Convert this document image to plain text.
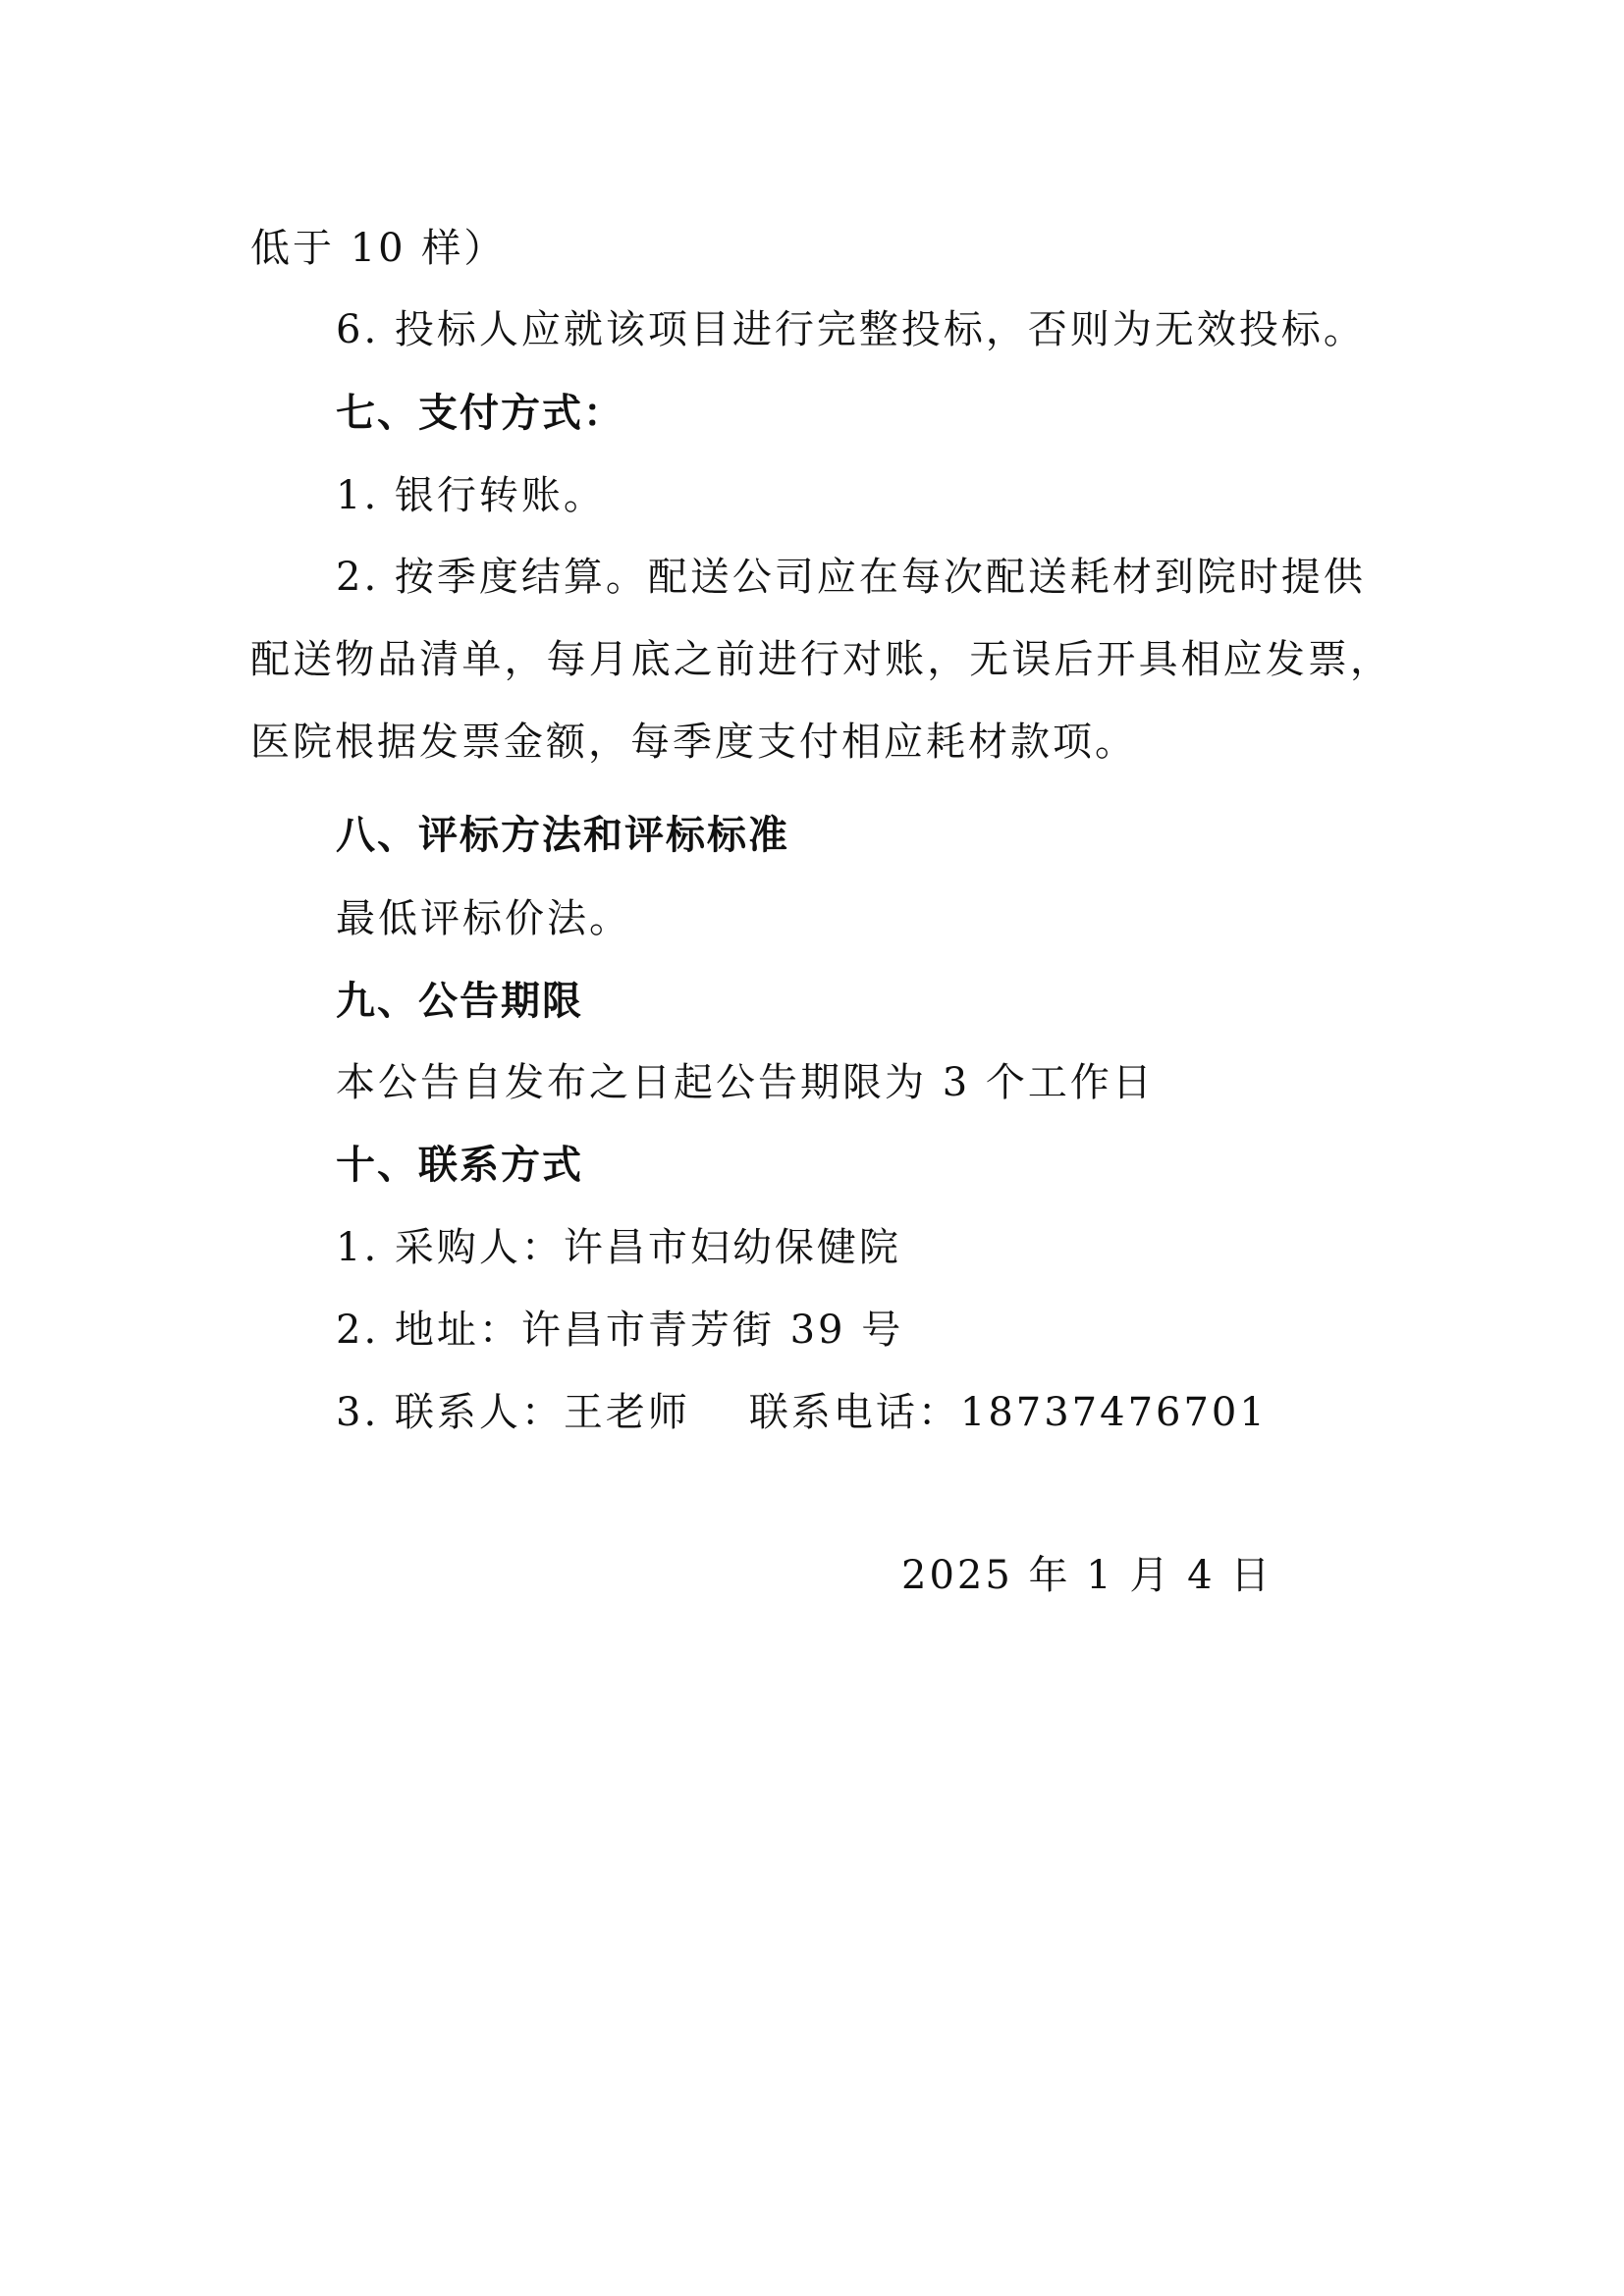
低于 10 样）
6. 投标人应就该项目进行完整投标，否则为无效投标。
七、支付方式：
1. 银行转账。
2. 按季度结算。配送公司应在每次配送耗材到院时提供
配送物品清单，每月底之前进行对账，无误后开具相应发票，
医院根据发票金额，每季度支付相应耗材款项。
八、评标方法和评标标准
最低评标价法。
九、公告期限
本公告自发布之日起公告期限为 3 个工作日
十、联系方式
1. 采购人：许昌市妇幼保健院
2. 地址：许昌市青芳街 39 号
3. 联系人：王老师 联系电话：18737476701
2025 年 1 月 4 日
